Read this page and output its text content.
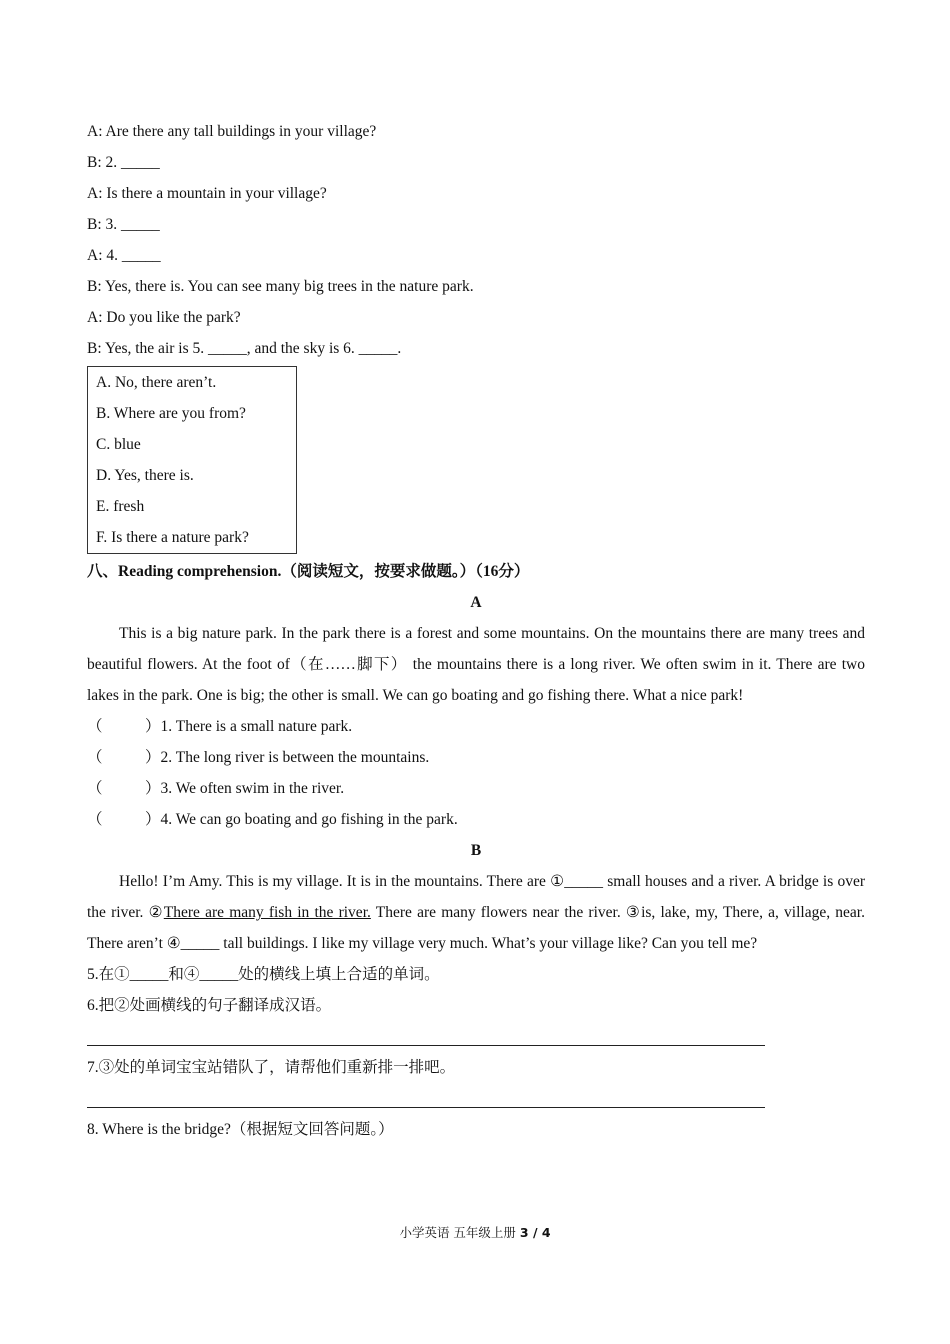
A: Are there any tall buildings in your village?
B: 2. _____
A: Is there a mountain in your village?
B: 3. _____
A: 4. _____
B: Yes, there is. You can see many big trees in the nature park.
A: Do you like the park?
B: Yes, the air is 5. _____, and the sky is 6. _____.
A. No, there aren’t.
B. Where are you from?
C. blue
D. Yes, there is.
E. fresh
F. Is there a nature park?
八、Reading comprehension.（阅读短文，按要求做题。）（16分）
A
This is a big nature park. In the park there is a forest and some mountains. On the mountains there are many trees and beautiful flowers. At the foot of（在……脚下） the mountains there is a long river. We often swim in it. There are two lakes in the park. One is big; the other is small. We can go boating and go fishing there. What a nice park!
（	）1. There is a small nature park.
（	）2. The long river is between the mountains.
（	）3. We often swim in the river.
（	）4. We can go boating and go fishing in the park.
B
Hello! I’m Amy. This is my village. It is in the mountains. There are ①_____ small houses and a river. A bridge is over the river. ②There are many fish in the river. There are many flowers near the river. ③is, lake, my, There, a, village, near. There aren’t ④_____ tall buildings. I like my village very much. What’s your village like? Can you tell me?
5.在①_____和④_____处的横线上填上合适的单词。
6.把②处画横线的句子翻译成汉语。
7.③处的单词宝宝站错队了，请帮他们重新排一排吧。
8. Where is the bridge?（根据短文回答问题。）
小学英语 五年级上册 3 / 4
